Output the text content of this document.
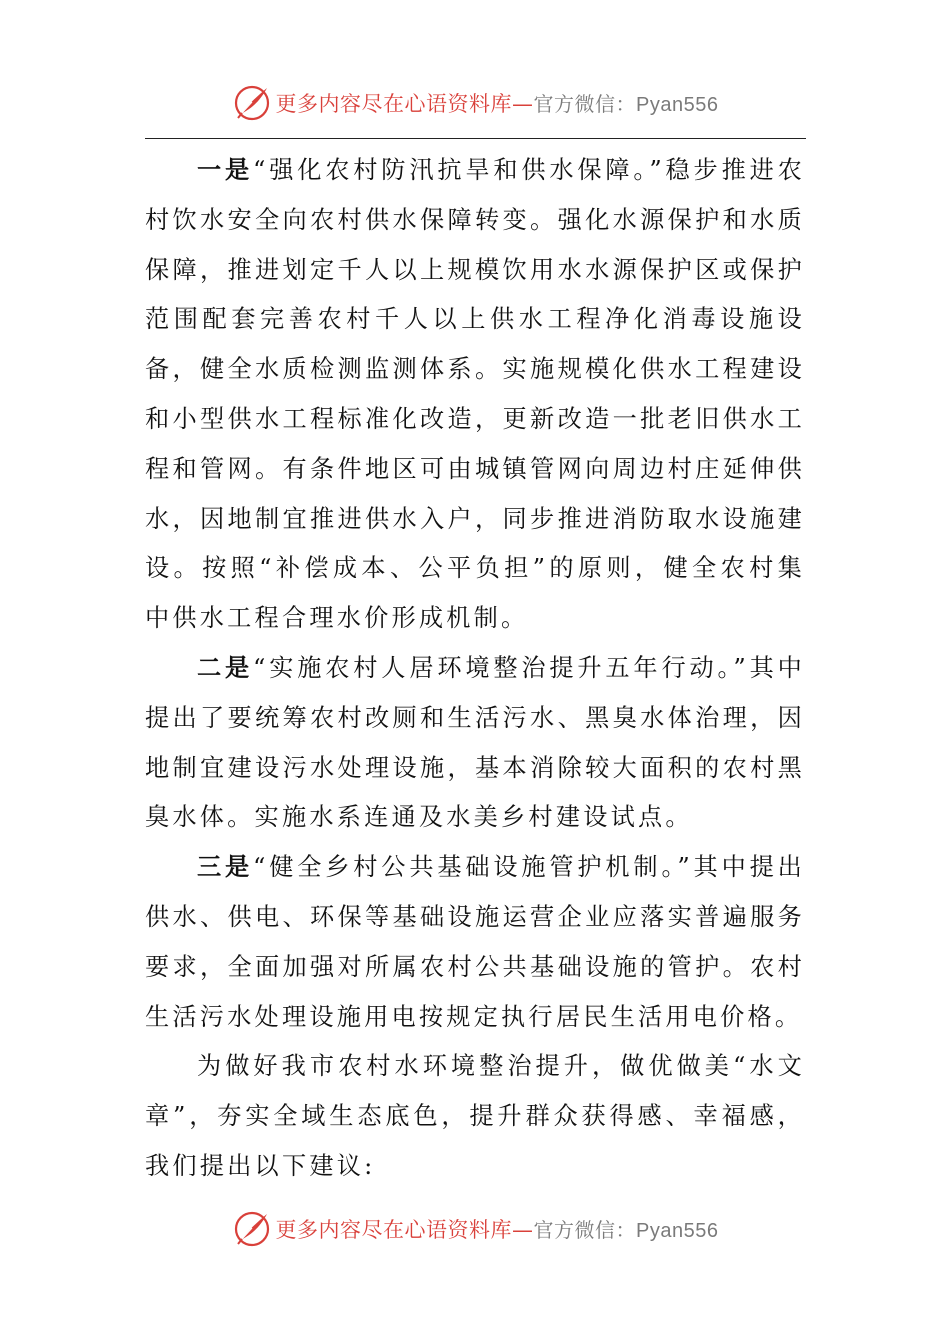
更多内容尽在心语资料库—官方微信：Pyan556

一是“强化农村防汛抗旱和供水保障。”稳步推进农村饮水安全向农村供水保障转变。强化水源保护和水质保障，推进划定千人以上规模饮用水水源保护区或保护范围配套完善农村千人以上供水工程净化消毒设施设备，健全水质检测监测体系。实施规模化供水工程建设和小型供水工程标准化改造，更新改造一批老旧供水工程和管网。有条件地区可由城镇管网向周边村庄延伸供水，因地制宜推进供水入户，同步推进消防取水设施建设。按照“补偿成本、公平负担”的原则，健全农村集中供水工程合理水价形成机制。

二是“实施农村人居环境整治提升五年行动。”其中提出了要统筹农村改厕和生活污水、黑臭水体治理，因地制宜建设污水处理设施，基本消除较大面积的农村黑臭水体。实施水系连通及水美乡村建设试点。

三是“健全乡村公共基础设施管护机制。”其中提出供水、供电、环保等基础设施运营企业应落实普遍服务要求，全面加强对所属农村公共基础设施的管护。农村生活污水处理设施用电按规定执行居民生活用电价格。

为做好我市农村水环境整治提升，做优做美“水文章”，夯实全域生态底色，提升群众获得感、幸福感，我们提出以下建议:

更多内容尽在心语资料库—官方微信：Pyan556
